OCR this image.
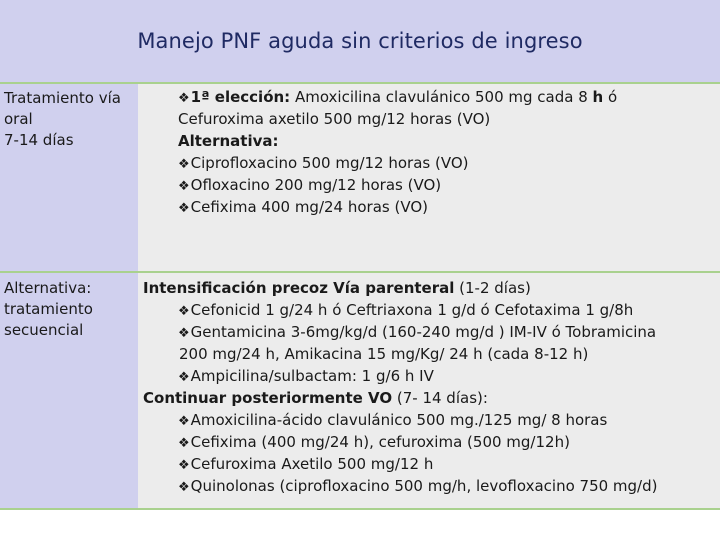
Manejo PNF aguda sin criterios de ingreso
Tratamiento vía
oral
7-14 días
❖1ª elección: Amoxicilina clavulánico 500 mg cada 8 h ó
Cefuroxima axetilo 500 mg/12 horas (VO)
Alternativa:
❖Ciprofloxacino 500 mg/12 horas (VO)
❖Ofloxacino 200 mg/12 horas (VO)
❖Cefixima 400 mg/24 horas (VO)
Alternativa:
tratamiento
secuencial
Intensificación precoz Vía parenteral (1-2 días)
❖Cefonicid 1 g/24 h ó Ceftriaxona 1 g/d ó Cefotaxima 1 g/8h
❖Gentamicina 3-6mg/kg/d (160-240 mg/d ) IM-IV ó Tobramicina
200 mg/24 h, Amikacina 15 mg/Kg/ 24 h (cada 8-12 h)
❖Ampicilina/sulbactam: 1 g/6 h IV
Continuar posteriormente VO (7- 14 días):
❖Amoxicilina-ácido clavulánico 500 mg./125 mg/ 8 horas
❖Cefixima (400 mg/24 h), cefuroxima (500 mg/12h)
❖Cefuroxima Axetilo 500 mg/12 h
❖Quinolonas (ciprofloxacino 500 mg/h, levofloxacino 750 mg/d)
